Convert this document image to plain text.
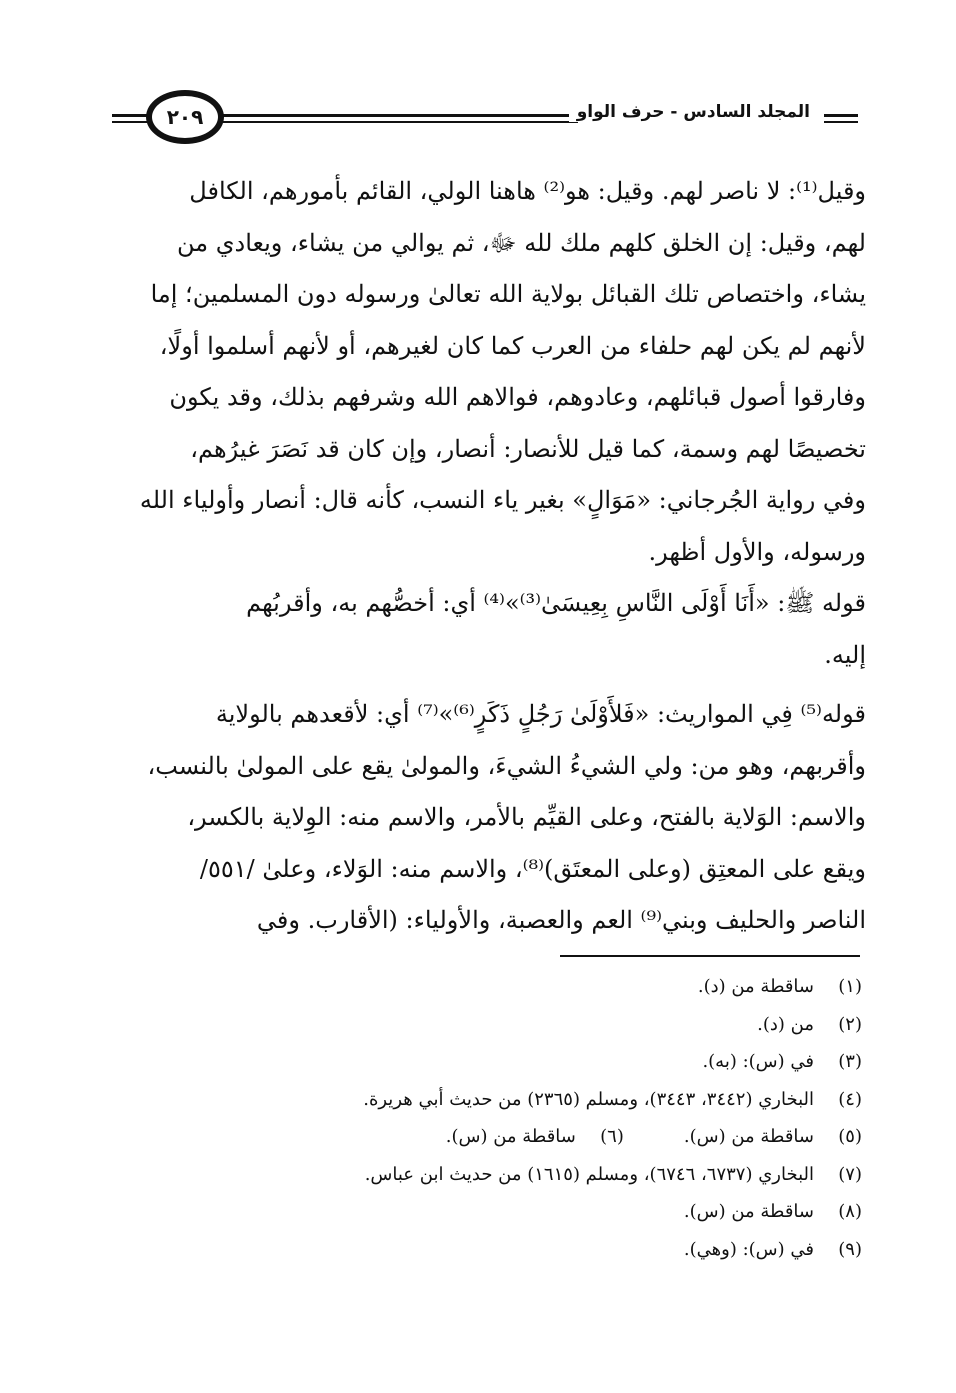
٢٠٩	المجلد السادس - حرف الواو
وقيل⁽¹⁾: لا ناصر لهم. وقيل: هو⁽²⁾ هاهنا الولي، القائم بأمورهم، الكافل
لهم، وقيل: إن الخلق كلهم ملك لله ﷻ، ثم يوالي من يشاء، ويعادي من
يشاء، واختصاص تلك القبائل بولاية الله تعالىٰ ورسوله دون المسلمين؛ إما
لأنهم لم يكن لهم حلفاء من العرب كما كان لغيرهم، أو لأنهم أسلموا أولًا،
وفارقوا أصول قبائلهم، وعادوهم، فوالاهم الله وشرفهم بذلك، وقد يكون
تخصيصًا لهم وسمة، كما قيل للأنصار: أنصار، وإن كان قد نَصَرَ غيرُهم،
وفي رواية الجُرجاني: «مَوَالٍ» بغير ياء النسب، كأنه قال: أنصار وأولياء الله
ورسوله، والأول أظهر.
قوله ﷺ: «أَنَا أَوْلَى النَّاسِ بِعِيسَىٰ⁽³⁾»⁽⁴⁾ أي: أخصُّهم به، وأقربُهم
إليه.
قوله⁽⁵⁾ فِي المواريث: «فَلأَوْلَىٰ رَجُلٍ ذَكَرٍ⁽⁶⁾»⁽⁷⁾ أي: لأقعدهم بالولاية
وأقربهم، وهو من: ولي الشيءُ الشيءَ، والمولىٰ يقع على المولىٰ بالنسب،
والاسم: الوَلاية بالفتح، وعلى القيِّم بالأمر، والاسم منه: الوِلاية بالكسر،
ويقع على المعتِق (وعلى المعتَق)⁽⁸⁾، والاسم منه: الوَلاء، وعلىٰ /٥٥١/
الناصر والحليف وبني⁽⁹⁾ العم والعصبة، والأولياء: (الأقارب. وفي
(١)ساقطة من (د).
(٢)من (د).
(٣)في (س): (به).
(٤)البخاري (٣٤٤٢، ٣٤٤٣)، ومسلم (٢٣٦٥) من حديث أبي هريرة.
(٥)ساقطة من (س).(٦)ساقطة من (س).
(٧)البخاري (٦٧٣٧، ٦٧٤٦)، ومسلم (١٦١٥) من حديث ابن عباس.
(٨)ساقطة من (س).
(٩)في (س): (وهي).
